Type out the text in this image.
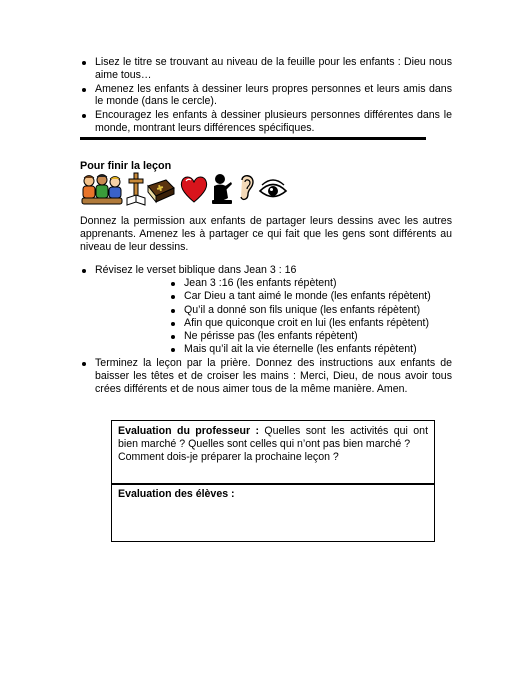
Lisez le titre se trouvant au niveau de la feuille pour les enfants : Dieu nous aime tous…
Amenez les enfants à dessiner leurs propres personnes et leurs amis dans le monde (dans le cercle).
Encouragez les enfants à dessiner plusieurs personnes différentes dans le monde, montrant leurs différences spécifiques.
Pour finir la leçon

Donnez la permission aux enfants de partager leurs dessins avec les autres apprenants. Amenez les à partager ce qui fait que les gens sont différents au niveau de leur dessins.

Révisez le verset biblique dans Jean 3 : 16
Jean 3 :16 (les enfants répètent)
Car Dieu a tant aimé le monde (les enfants répètent)
Qu’il a donné son fils unique (les enfants répètent)
Afin que quiconque croit en lui (les enfants répètent)
Ne périsse pas (les enfants répètent)
Mais qu’il ait la vie éternelle (les enfants répètent)
Terminez la leçon par la prière. Donnez des instructions aux enfants de baisser les têtes et de croiser les mains : Merci, Dieu, de nous avoir tous crées différents et de nous aimer tous de la même manière. Amen.
Evaluation du professeur : Quelles sont les activités qui ont bien marché ? Quelles sont celles qui n’ont pas bien marché ?
Comment dois-je préparer la prochaine leçon ?
Evaluation des élèves :
